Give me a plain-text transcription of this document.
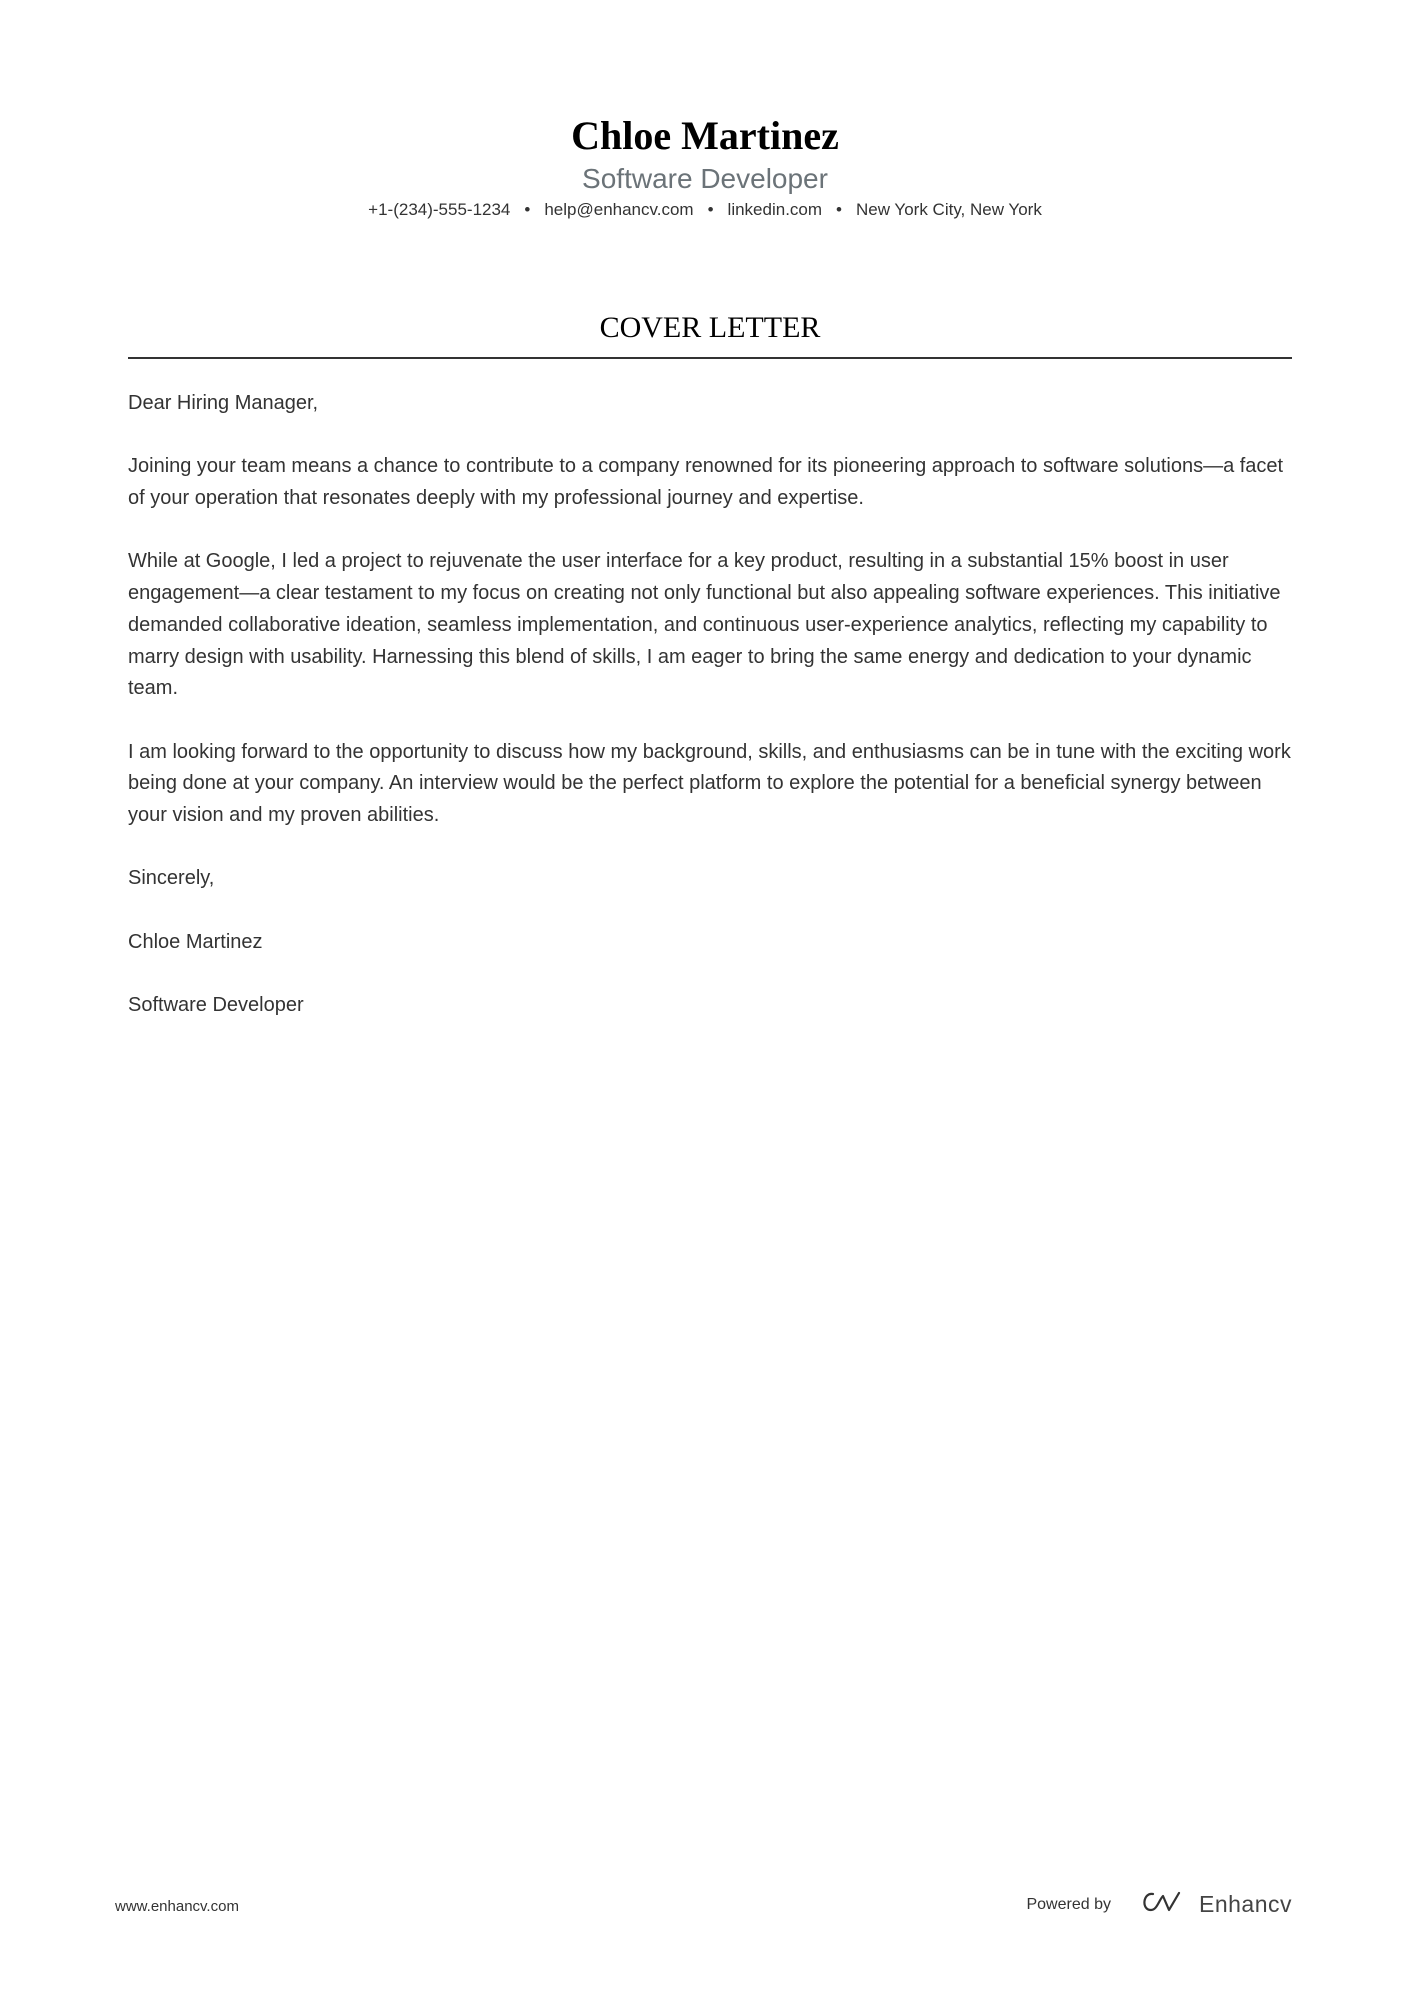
Chloe Martinez
Software Developer
+1-(234)-555-1234 • help@enhancv.com • linkedin.com • New York City, New York
COVER LETTER

Dear Hiring Manager,

Joining your team means a chance to contribute to a company renowned for its pioneering approach to software solutions—a facet of your operation that resonates deeply with my professional journey and expertise.

While at Google, I led a project to rejuvenate the user interface for a key product, resulting in a substantial 15% boost in user engagement—a clear testament to my focus on creating not only functional but also appealing software experiences. This initiative demanded collaborative ideation, seamless implementation, and continuous user-experience analytics, reflecting my capability to marry design with usability. Harnessing this blend of skills, I am eager to bring the same energy and dedication to your dynamic team.

I am looking forward to the opportunity to discuss how my background, skills, and enthusiasms can be in tune with the exciting work being done at your company. An interview would be the perfect platform to explore the potential for a beneficial synergy between your vision and my proven abilities.

Sincerely,

Chloe Martinez

Software Developer

www.enhancv.com	Powered by	Enhancv
